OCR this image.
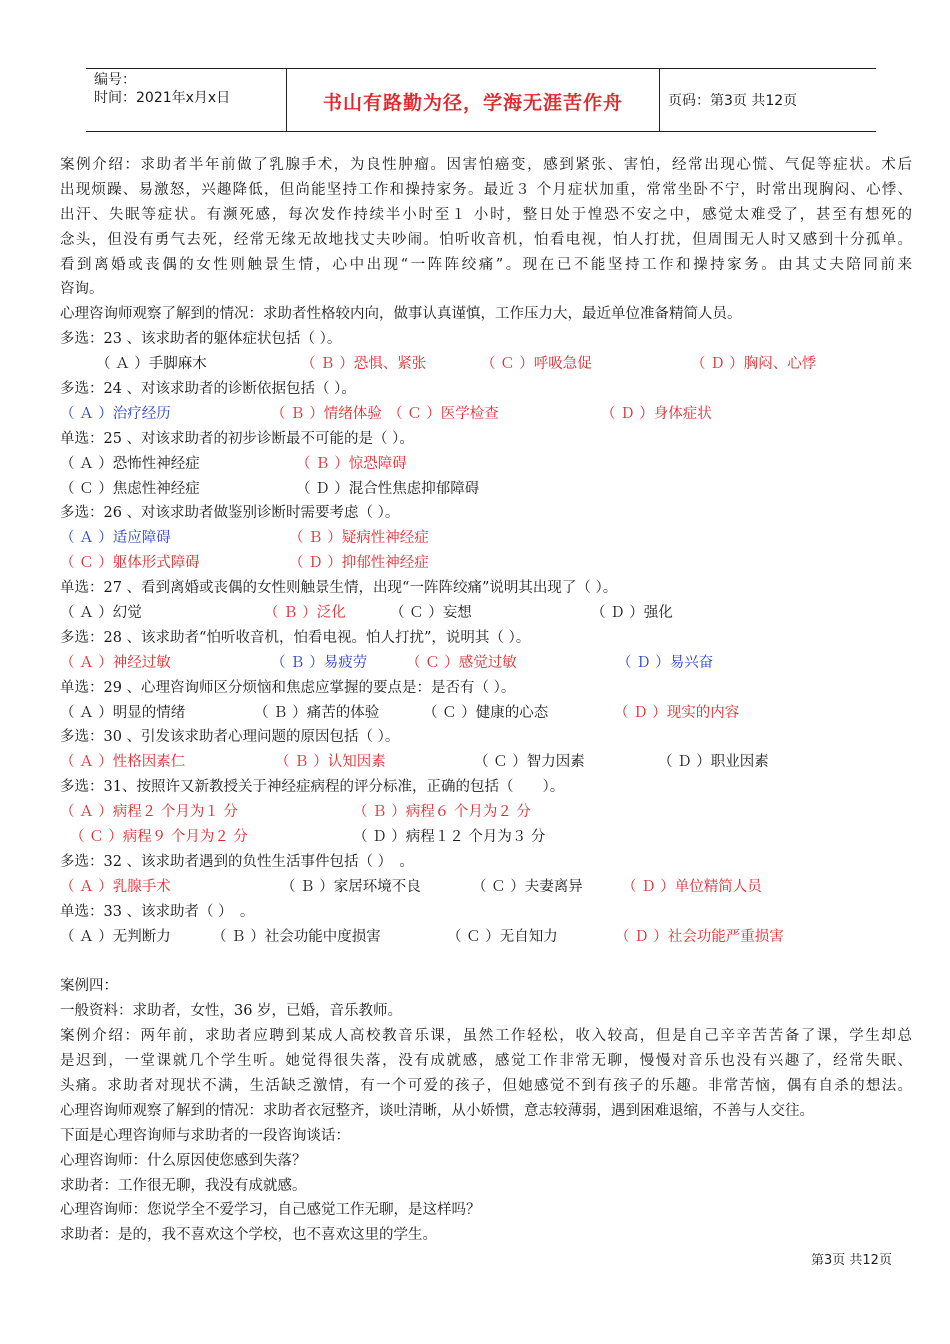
编号：
时间：2021年x月x日	书山有路勤为径，学海无涯苦作舟	页码：第3页 共12页
案例介绍：求助者半年前做了乳腺手术，为良性肿瘤。因害怕癌变，感到紧张、害怕，经常出现心慌、气促等症状。术后
出现烦躁、易激怒，兴趣降低，但尚能坚持工作和操持家务。最近３ 个月症状加重，常常坐卧不宁，时常出现胸闷、心悸、
出汗、失眠等症状。有濒死感，每次发作持续半小时至１ 小时，整日处于惶恐不安之中，感觉太难受了，甚至有想死的
念头，但没有勇气去死，经常无缘无故地找丈夫吵闹。怕听收音机，怕看电视，怕人打扰，但周围无人时又感到十分孤单。
看到离婚或丧偶的女性则触景生情，心中出现“一阵阵绞痛”。现在已不能坚持工作和操持家务。由其丈夫陪同前来
咨询。
心理咨询师观察了解到的情况：求助者性格较内向，做事认真谨慎，工作压力大，最近单位准备精简人员。
多选：23 、该求助者的躯体症状包括（ ）。
（ Ａ ）手脚麻木	（ Ｂ ）恐惧、紧张	（ Ｃ ）呼吸急促	（ Ｄ ）胸闷、心悸
多选：24 、对该求助者的诊断依据包括（ ）。
（ Ａ ）治疗经历	（ Ｂ ）情绪体验 （ Ｃ ）医学检查	（ Ｄ ）身体症状
单选：25 、对该求助者的初步诊断最不可能的是（ ）。
（ Ａ ）恐怖性神经症	（ Ｂ ）惊恐障碍
（ Ｃ ）焦虑性神经症	（ Ｄ ）混合性焦虑抑郁障碍
多选：26 、对该求助者做鉴别诊断时需要考虑（ ）。
（ Ａ ）适应障碍	（ Ｂ ）疑病性神经症
（ Ｃ ）躯体形式障碍	（ Ｄ ）抑郁性神经症
单选：27 、看到离婚或丧偶的女性则触景生情，出现“一阵阵绞痛”说明其出现了（ ）。
（ Ａ ）幻觉	（ Ｂ ）泛化	（ Ｃ ）妄想	（ Ｄ ）强化
多选：28 、该求助者“怕听收音机，怕看电视。怕人打扰”，说明其（ ）。
（ Ａ ）神经过敏	（ Ｂ ）易疲劳	（ Ｃ ）感觉过敏	（ Ｄ ）易兴奋
单选：29 、心理咨询师区分烦恼和焦虑应掌握的要点是：是否有（ ）。
（ Ａ ）明显的情绪	（ Ｂ ）痛苦的体验	（ Ｃ ）健康的心态	（ Ｄ ）现实的内容
多选：30 、引发该求助者心理问题的原因包括（ ）。
（ Ａ ）性格因素仁	（ Ｂ ）认知因素	（ Ｃ ）智力因素	（ Ｄ ）职业因素
多选：31、按照许又新教授关于神经症病程的评分标准，正确的包括（　　）。
（ Ａ ）病程２ 个月为１ 分	（ Ｂ ）病程６ 个月为２ 分
（ Ｃ ）病程９ 个月为２ 分	（ Ｄ ）病程１２ 个月为３ 分
多选：32 、该求助者遇到的负性生活事件包括（ ）　。
（ Ａ ）乳腺手术	（ Ｂ ）家居环境不良	（ Ｃ ）夫妻离异	（ Ｄ ）单位精简人员
单选：33 、该求助者（ ）　。
（ Ａ ）无判断力	（ Ｂ ）社会功能中度损害	（ Ｃ ）无自知力	（ Ｄ ）社会功能严重损害
案例四：
一般资料：求助者，女性，36 岁，已婚，音乐教师。
案例介绍：两年前，求助者应聘到某成人高校教音乐课，虽然工作轻松，收入较高，但是自己辛辛苦苦备了课，学生却总
是迟到，一堂课就几个学生听。她觉得很失落，没有成就感，感觉工作非常无聊，慢慢对音乐也没有兴趣了，经常失眠、
头痛。求助者对现状不满，生活缺乏激情，有一个可爱的孩子，但她感觉不到有孩子的乐趣。非常苦恼，偶有自杀的想法。
心理咨询师观察了解到的情况：求助者衣冠整齐，谈吐清晰，从小娇惯，意志较薄弱，遇到困难退缩，不善与人交往。
下面是心理咨询师与求助者的一段咨询谈话：
心理咨询师：什么原因使您感到失落？
求助者：工作很无聊，我没有成就感。
心理咨询师：您说学全不爱学习，自己感觉工作无聊，是这样吗？
求助者：是的，我不喜欢这个学校，也不喜欢这里的学生。
第3页 共12页
